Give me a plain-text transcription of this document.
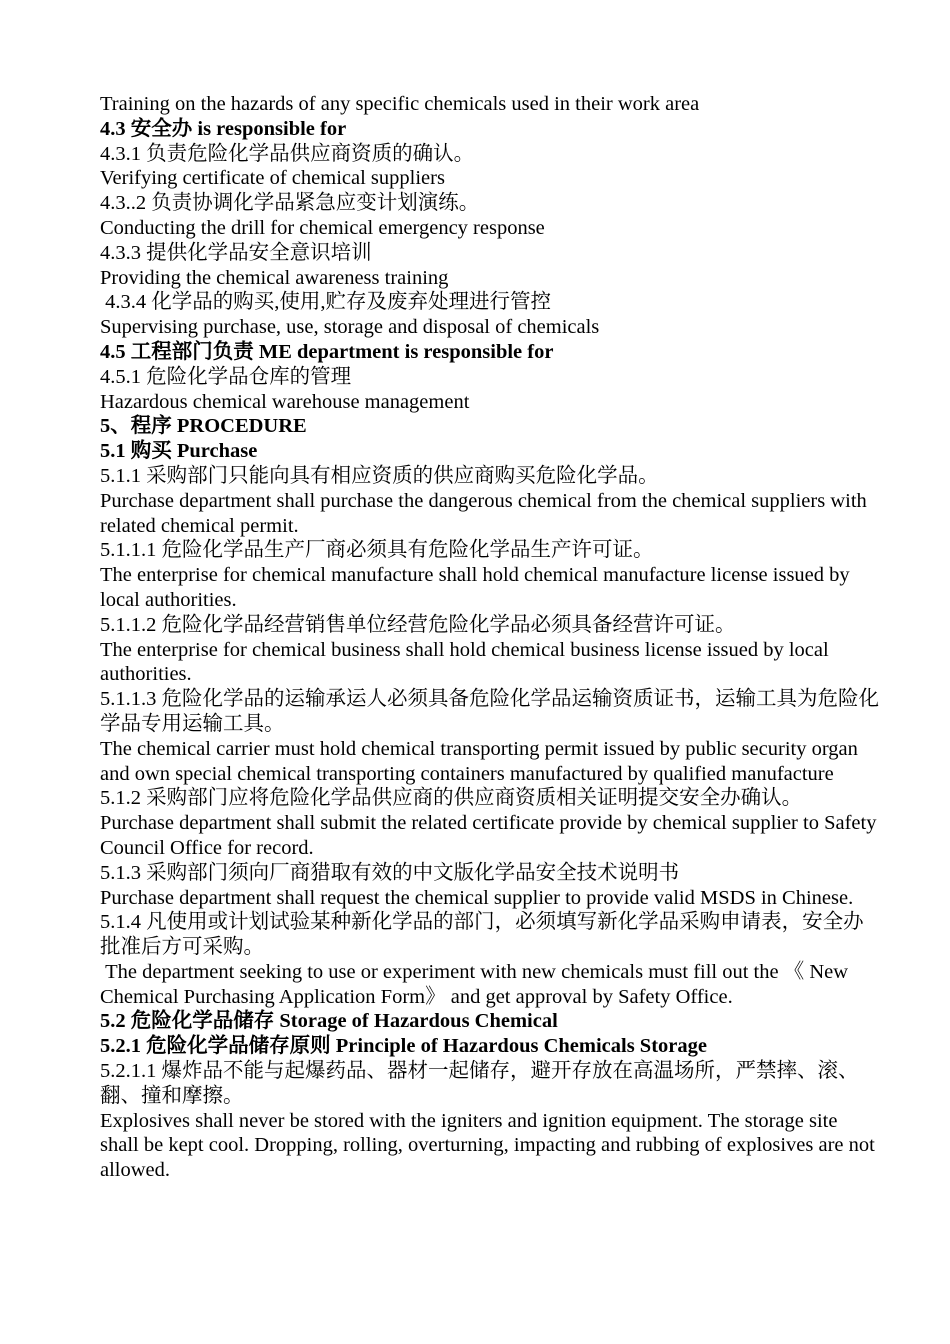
Training on the hazards of any specific chemicals used in their work area

4.3 安全办 is responsible for

4.3.1 负责危险化学品供应商资质的确认。

Verifying certificate of chemical suppliers

4.3..2 负责协调化学品紧急应变计划演练。

Conducting the drill for chemical emergency response

4.3.3 提供化学品安全意识培训

Providing the chemical awareness training

4.3.4 化学品的购买,使用,贮存及废弃处理进行管控

Supervising purchase, use, storage and disposal of chemicals

4.5 工程部门负责 ME department is responsible for

4.5.1 危险化学品仓库的管理

Hazardous chemical warehouse management

5、程序 PROCEDURE

5.1 购买 Purchase

5.1.1 采购部门只能向具有相应资质的供应商购买危险化学品。

Purchase department shall purchase the dangerous chemical from the chemical suppliers with related chemical permit.

5.1.1.1 危险化学品生产厂商必须具有危险化学品生产许可证。

The enterprise for chemical manufacture shall hold chemical manufacture license issued by local authorities.

5.1.1.2 危险化学品经营销售单位经营危险化学品必须具备经营许可证。

The enterprise for chemical business shall hold chemical business license issued by local authorities.

5.1.1.3 危险化学品的运输承运人必须具备危险化学品运输资质证书，运输工具为危险化学品专用运输工具。

The chemical carrier must hold chemical transporting permit issued by public security organ and own special chemical transporting containers manufactured by qualified manufacture

5.1.2 采购部门应将危险化学品供应商的供应商资质相关证明提交安全办确认。

Purchase department shall submit the related certificate provide by chemical supplier to Safety Council Office for record.

5.1.3 采购部门须向厂商猎取有效的中文版化学品安全技术说明书

Purchase department shall request the chemical supplier to provide valid MSDS in Chinese.

5.1.4 凡使用或计划试验某种新化学品的部门，必须填写新化学品采购申请表，安全办批准后方可采购。

The department seeking to use or experiment with new chemicals must fill out the 《 New Chemical Purchasing Application Form》 and get approval by Safety Office.

5.2 危险化学品储存 Storage of Hazardous Chemical

5.2.1 危险化学品储存原则 Principle of Hazardous Chemicals Storage

5.2.1.1 爆炸品不能与起爆药品、器材一起储存，避开存放在高温场所，严禁摔、滚、翻、撞和摩擦。

Explosives shall never be stored with the igniters and ignition equipment. The storage site shall be kept cool. Dropping, rolling, overturning, impacting and rubbing of explosives are not allowed.
